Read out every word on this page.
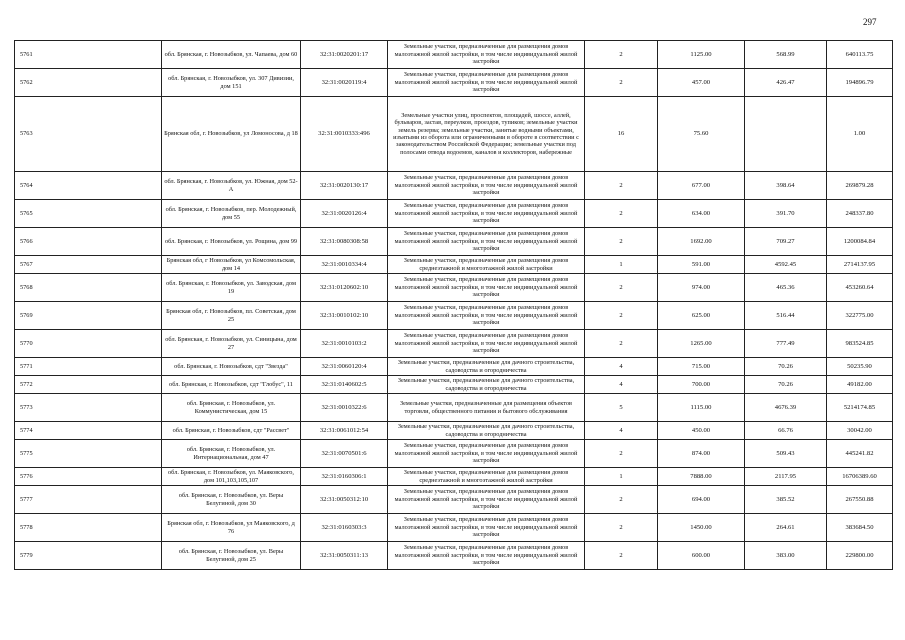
297
5761	обл. Брянская, г. Новозыбков, ул. Чапаева, дом 60	32:31:0020201:17	Земельные участки, предназначенные для размещения домов малоэтажной жилой застройки, в том числе индивидуальной жилой застройки	2	1125.00	568.99	640113.75
5762	обл. Брянская, г. Новозыбков, ул. 307 Дивизии, дом 151	32:31:0020119:4	Земельные участки, предназначенные для размещения домов малоэтажной жилой застройки, в том числе индивидуальной жилой застройки	2	457.00	426.47	194896.79
5763	Брянская обл, г. Новозыбков, ул Ломоносова, д 18	32:31:0010333:496	Земельные участки улиц, проспектов, площадей, шоссе, аллей, бульваров, застав, переулков, проездов, тупиков; земельные участки земель резерва; земельные участки, занятые водными объектами, изъятыми из оборота или ограниченными в обороте в соответствии с законодательством Российской Федерации; земельные участки под полосами отвода водоемов, каналов и коллекторов, набережные	16	75.60		1.00
5764	обл. Брянская, г. Новозыбков, ул. Южная, дом 52-А	32:31:0020130:17	Земельные участки, предназначенные для размещения домов малоэтажной жилой застройки, в том числе индивидуальной жилой застройки	2	677.00	398.64	269879.28
5765	обл. Брянская, г. Новозыбков, пер. Молодежный, дом 55	32:31:0020126:4	Земельные участки, предназначенные для размещения домов малоэтажной жилой застройки, в том числе индивидуальной жилой застройки	2	634.00	391.70	248337.80
5766	обл. Брянская, г. Новозыбков, ул. Рощина, дом 99	32:31:0080308:58	Земельные участки, предназначенные для размещения домов малоэтажной жилой застройки, в том числе индивидуальной жилой застройки	2	1692.00	709.27	1200084.84
5767	Брянская обл, г Новозыбков, ул Комсомольская, дом 14	32:31:0010334:4	Земельные участки, предназначенные для размещения домов среднеэтажной и многоэтажной жилой застройки	1	591.00	4592.45	2714137.95
5768	обл. Брянская, г. Новозыбков, ул. Заводская, дом 19	32:31:0120602:10	Земельные участки, предназначенные для размещения домов малоэтажной жилой застройки, в том числе индивидуальной жилой застройки	2	974.00	465.36	453260.64
5769	Брянская обл, г. Новозыбков, пл. Советская, дом 25	32:31:0010102:10	Земельные участки, предназначенные для размещения домов малоэтажной жилой застройки, в том числе индивидуальной жилой застройки	2	625.00	516.44	322775.00
5770	обл. Брянская, г. Новозыбков, ул. Синицына, дом 27	32:31:0010103:2	Земельные участки, предназначенные для размещения домов малоэтажной жилой застройки, в том числе индивидуальной жилой застройки	2	1265.00	777.49	983524.85
5771	обл. Брянская, г. Новозыбков, сдт "Звезда"	32:31:0060120:4	Земельные участки, предназначенные для дачного строительства, садоводства и огородничества	4	715.00	70.26	50235.90
5772	обл. Брянская, г. Новозыбков, сдт "Глобус", 11	32:31:0140602:5	Земельные участки, предназначенные для дачного строительства, садоводства и огородничества	4	700.00	70.26	49182.00
5773	обл. Брянская, г. Новозыбков, ул. Коммунистическая, дом 15	32:31:0010322:6	Земельные участки, предназначенные для размещения объектов торговли, общественного питания и бытового обслуживания	5	1115.00	4676.39	5214174.85
5774	обл. Брянская, г. Новозыбков, сдт "Рассвет"	32:31:0061012:54	Земельные участки, предназначенные для дачного строительства, садоводства и огородничества	4	450.00	66.76	30042.00
5775	обл. Брянская, г. Новозыбков, ул. Интернациональная, дом 47	32:31:0070501:6	Земельные участки, предназначенные для размещения домов малоэтажной жилой застройки, в том числе индивидуальной жилой застройки	2	874.00	509.43	445241.82
5776	обл. Брянская, г. Новозыбков, ул. Маяковского, дом 101,103,105,107	32:31:0160306:1	Земельные участки, предназначенные для размещения домов среднеэтажной и многоэтажной жилой застройки	1	7888.00	2117.95	16706389.60
5777	обл. Брянская, г. Новозыбков, ул. Веры Белугиной, дом 30	32:31:0050312:10	Земельные участки, предназначенные для размещения домов малоэтажной жилой застройки, в том числе индивидуальной жилой застройки	2	694.00	385.52	267550.88
5778	Брянская обл, г. Новозыбков, ул Маяковского, д 76	32:31:0160303:3	Земельные участки, предназначенные для размещения домов малоэтажной жилой застройки, в том числе индивидуальной жилой застройки	2	1450.00	264.61	383684.50
5779	обл. Брянская, г. Новозыбков, ул. Веры Белугиной, дом 25	32:31:0050311:13	Земельные участки, предназначенные для размещения домов малоэтажной жилой застройки, в том числе индивидуальной жилой застройки	2	600.00	383.00	229800.00
